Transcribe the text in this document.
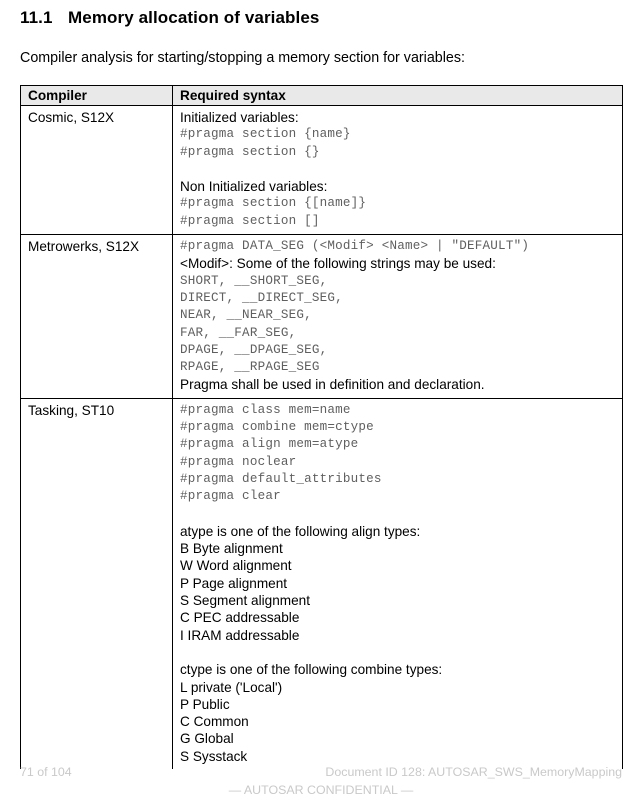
11.1 Memory allocation of variables
Compiler analysis for starting/stopping a memory section for variables:
Compiler	Required syntax

Cosmic, S12X	Initialized variables:
#pragma section {name}
#pragma section {}
Non Initialized variables:
#pragma section {[name]}
#pragma section []

Metrowerks, S12X	#pragma DATA_SEG (<Modif> <Name> | "DEFAULT")
<Modif>: Some of the following strings may be used:
SHORT, __SHORT_SEG,
DIRECT, __DIRECT_SEG,
NEAR, __NEAR_SEG,
FAR, __FAR_SEG,
DPAGE, __DPAGE_SEG,
RPAGE, __RPAGE_SEG
Pragma shall be used in definition and declaration.

Tasking, ST10	#pragma class mem=name
#pragma combine mem=ctype
#pragma align mem=atype
#pragma noclear
#pragma default_attributes
#pragma clear
atype is one of the following align types:
B Byte alignment
W Word alignment
P Page alignment
S Segment alignment
C PEC addressable
I IRAM addressable
ctype is one of the following combine types:
L private ('Local')
P Public
C Common
G Global
S Sysstack
71 of 104	Document ID 128: AUTOSAR_SWS_MemoryMapping
— AUTOSAR CONFIDENTIAL —
